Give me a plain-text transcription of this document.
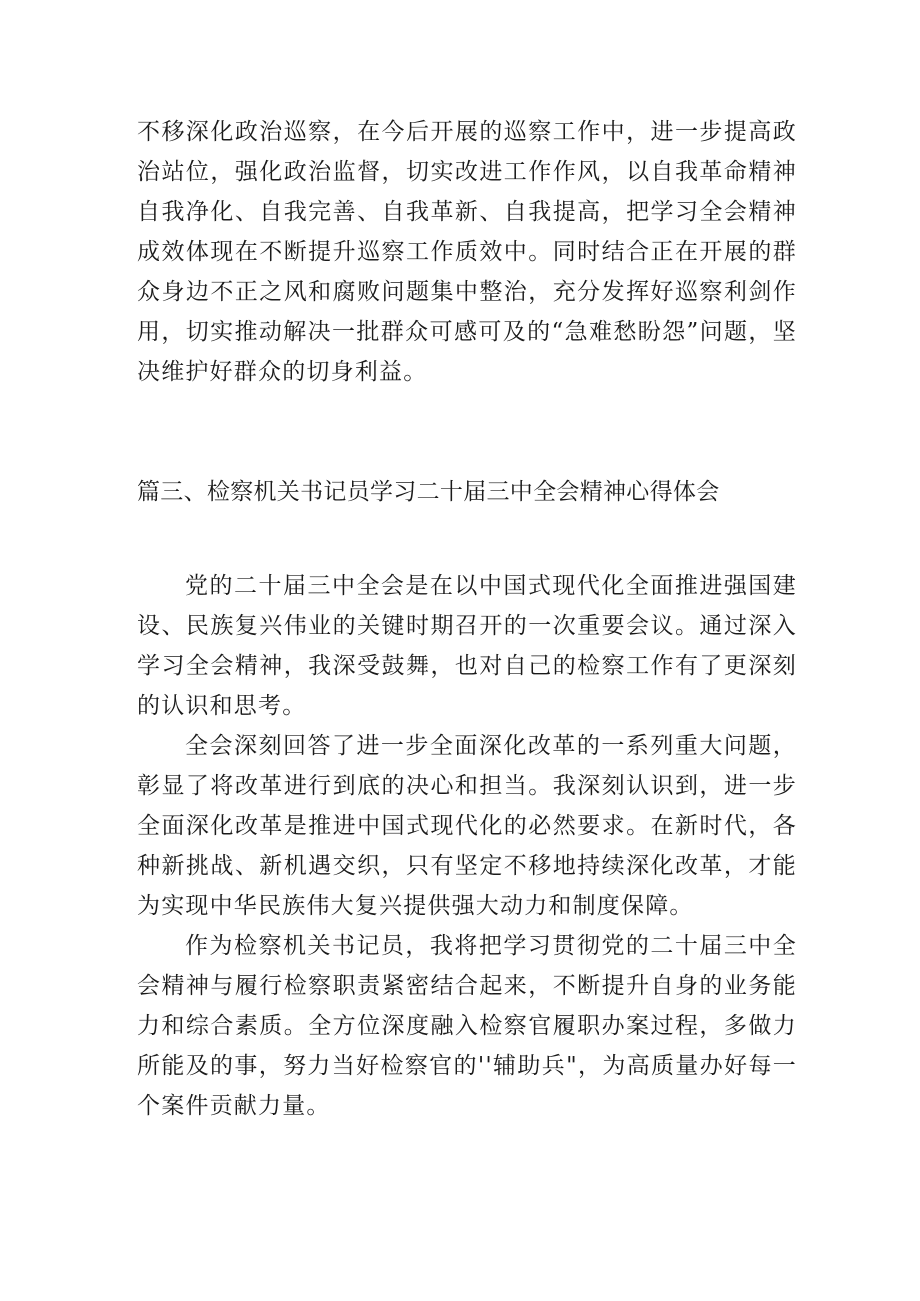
不移深化政治巡察，在今后开展的巡察工作中，进一步提高政治站位，强化政治监督，切实改进工作作风，以自我革命精神自我净化、自我完善、自我革新、自我提高，把学习全会精神成效体现在不断提升巡察工作质效中。同时结合正在开展的群众身边不正之风和腐败问题集中整治，充分发挥好巡察利剑作用，切实推动解决一批群众可感可及的“急难愁盼怨”问题，坚决维护好群众的切身利益。

篇三、检察机关书记员学习二十届三中全会精神心得体会

党的二十届三中全会是在以中国式现代化全面推进强国建设、民族复兴伟业的关键时期召开的一次重要会议。通过深入学习全会精神，我深受鼓舞，也对自己的检察工作有了更深刻的认识和思考。

全会深刻回答了进一步全面深化改革的一系列重大问题，彰显了将改革进行到底的决心和担当。我深刻认识到，进一步全面深化改革是推进中国式现代化的必然要求。在新时代，各种新挑战、新机遇交织，只有坚定不移地持续深化改革，才能为实现中华民族伟大复兴提供强大动力和制度保障。

作为检察机关书记员，我将把学习贯彻党的二十届三中全会精神与履行检察职责紧密结合起来，不断提升自身的业务能力和综合素质。全方位深度融入检察官履职办案过程，多做力所能及的事，努力当好检察官的''辅助兵"，为高质量办好每一个案件贡献力量。
